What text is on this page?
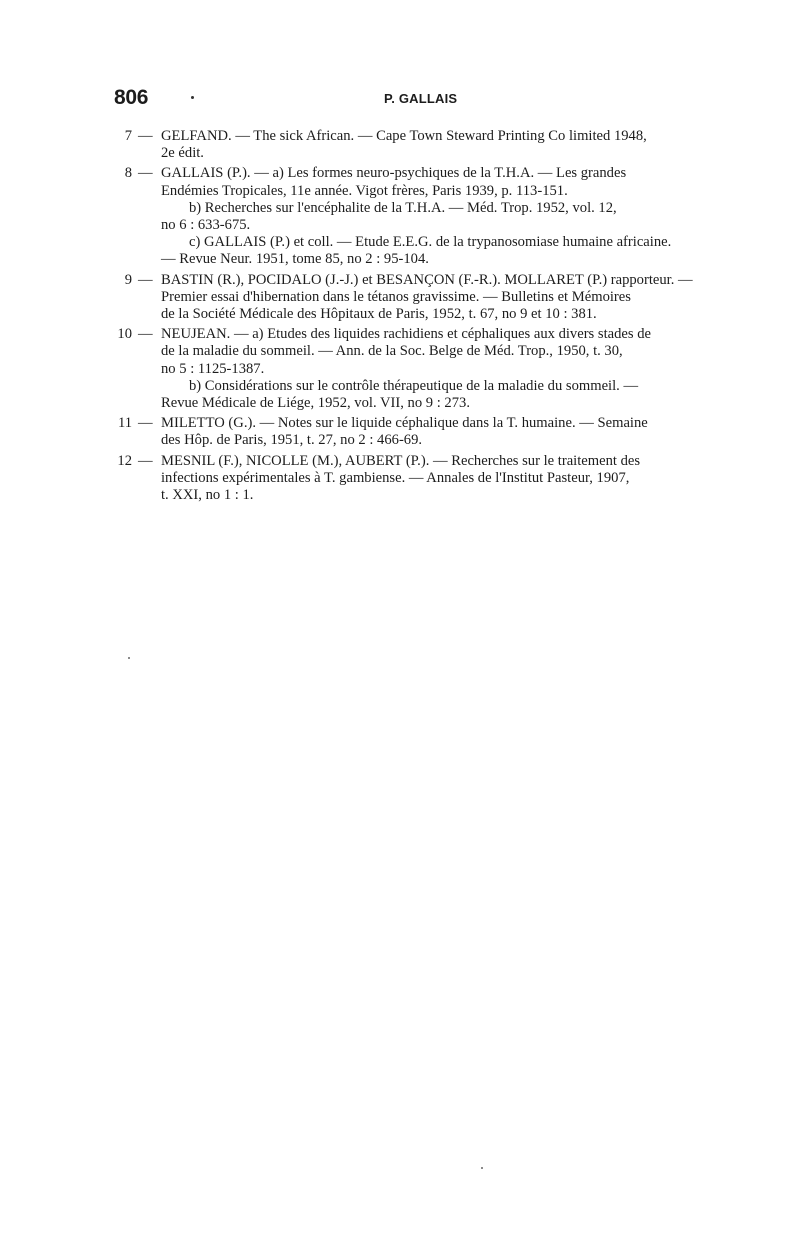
806	P. GALLAIS
7 — GELFAND. — The sick African. — Cape Town Steward Printing Co limited 1948,
2e édit.
8 — GALLAIS (P.). — a) Les formes neuro-psychiques de la T.H.A. — Les grandes
Endémies Tropicales, 11e année. Vigot frères, Paris 1939, p. 113-151.
b) Recherches sur l'encéphalite de la T.H.A. — Méd. Trop. 1952, vol. 12,
no 6 : 633-675.
c) GALLAIS (P.) et coll. — Etude E.E.G. de la trypanosomiase humaine africaine.
— Revue Neur. 1951, tome 85, no 2 : 95-104.
9 — BASTIN (R.), POCIDALO (J.-J.) et BESANÇON (F.-R.). MOLLARET (P.) rapporteur. —
Premier essai d'hibernation dans le tétanos gravissime. — Bulletins et Mémoires
de la Société Médicale des Hôpitaux de Paris, 1952, t. 67, no 9 et 10 : 381.
10 — NEUJEAN. — a) Etudes des liquides rachidiens et céphaliques aux divers stades de
de la maladie du sommeil. — Ann. de la Soc. Belge de Méd. Trop., 1950, t. 30,
no 5 : 1125-1387.
b) Considérations sur le contrôle thérapeutique de la maladie du sommeil. —
Revue Médicale de Liége, 1952, vol. VII, no 9 : 273.
11 — MILETTO (G.). — Notes sur le liquide céphalique dans la T. humaine. — Semaine
des Hôp. de Paris, 1951, t. 27, no 2 : 466-69.
12 — MESNIL (F.), NICOLLE (M.), AUBERT (P.). — Recherches sur le traitement des
infections expérimentales à T. gambiense. — Annales de l'Institut Pasteur, 1907,
t. XXI, no 1 : 1.
